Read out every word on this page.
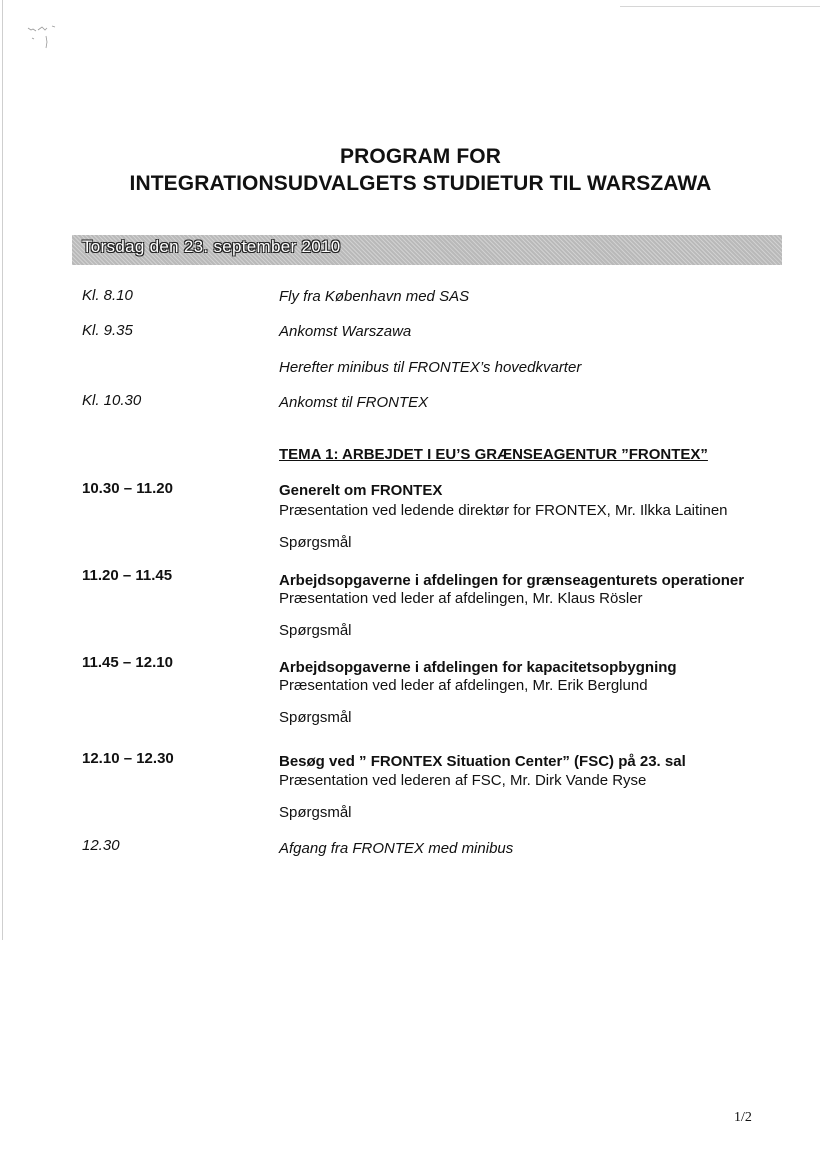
PROGRAM FOR
INTEGRATIONSUDVALGETS STUDIETUR TIL WARSZAWA
Torsdag den 23. september 2010
Kl. 8.10	Fly fra København med SAS
Kl. 9.35	Ankomst Warszawa
Herefter minibus til FRONTEX’s hovedkvarter
Kl. 10.30	Ankomst til FRONTEX
TEMA 1: ARBEJDET I EU’S GRÆNSEAGENTUR ”FRONTEX”
10.30 – 11.20	Generelt om FRONTEX
Præsentation ved ledende direktør for FRONTEX, Mr. Ilkka Laitinen
Spørgsmål
11.20 – 11.45	Arbejdsopgaverne i afdelingen for grænseagenturets operationer
Præsentation ved leder af afdelingen, Mr. Klaus Rösler
Spørgsmål
11.45 – 12.10	Arbejdsopgaverne i afdelingen for kapacitetsopbygning
Præsentation ved leder af afdelingen, Mr. Erik Berglund
Spørgsmål
12.10 – 12.30	Besøg ved ” FRONTEX Situation Center” (FSC) på 23. sal
Præsentation ved lederen af FSC, Mr. Dirk Vande Ryse
Spørgsmål
12.30	Afgang fra FRONTEX med minibus
1/2
